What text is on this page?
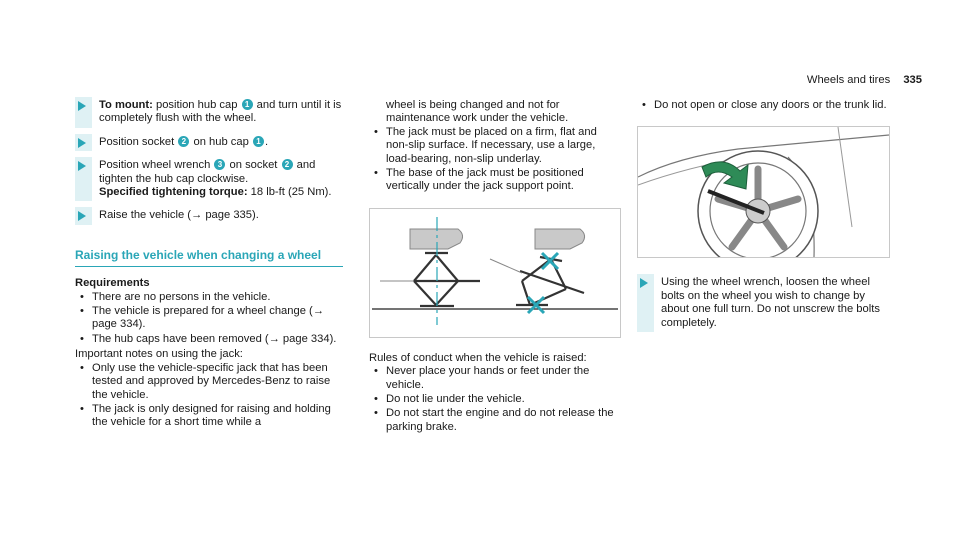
Wheels and tires 335
To mount: position hub cap 1 and turn until it is completely flush with the wheel.
Position socket 2 on hub cap 1 .
Position wheel wrench 3 on socket 2 and tighten the hub cap clockwise.
Specified tightening torque: 18 lb-ft (25 Nm).
Raise the vehicle (→ page 335).
Raising the vehicle when changing a wheel
Requirements
• There are no persons in the vehicle.
• The vehicle is prepared for a wheel change (→ page 334).
• The hub caps have been removed (→ page 334).
Important notes on using the jack:
• Only use the vehicle-specific jack that has been tested and approved by Mercedes-Benz to raise the vehicle.
• The jack is only designed for raising and holding the vehicle for a short time while a
wheel is being changed and not for maintenance work under the vehicle.
• The jack must be placed on a firm, flat and non-slip surface. If necessary, use a large, load-bearing, non-slip underlay.
• The base of the jack must be positioned vertically under the jack support point.
Rules of conduct when the vehicle is raised:
• Never place your hands or feet under the vehicle.
• Do not lie under the vehicle.
• Do not start the engine and do not release the parking brake.
• Do not open or close any doors or the trunk lid.
Using the wheel wrench, loosen the wheel bolts on the wheel you wish to change by about one full turn. Do not unscrew the bolts completely.
